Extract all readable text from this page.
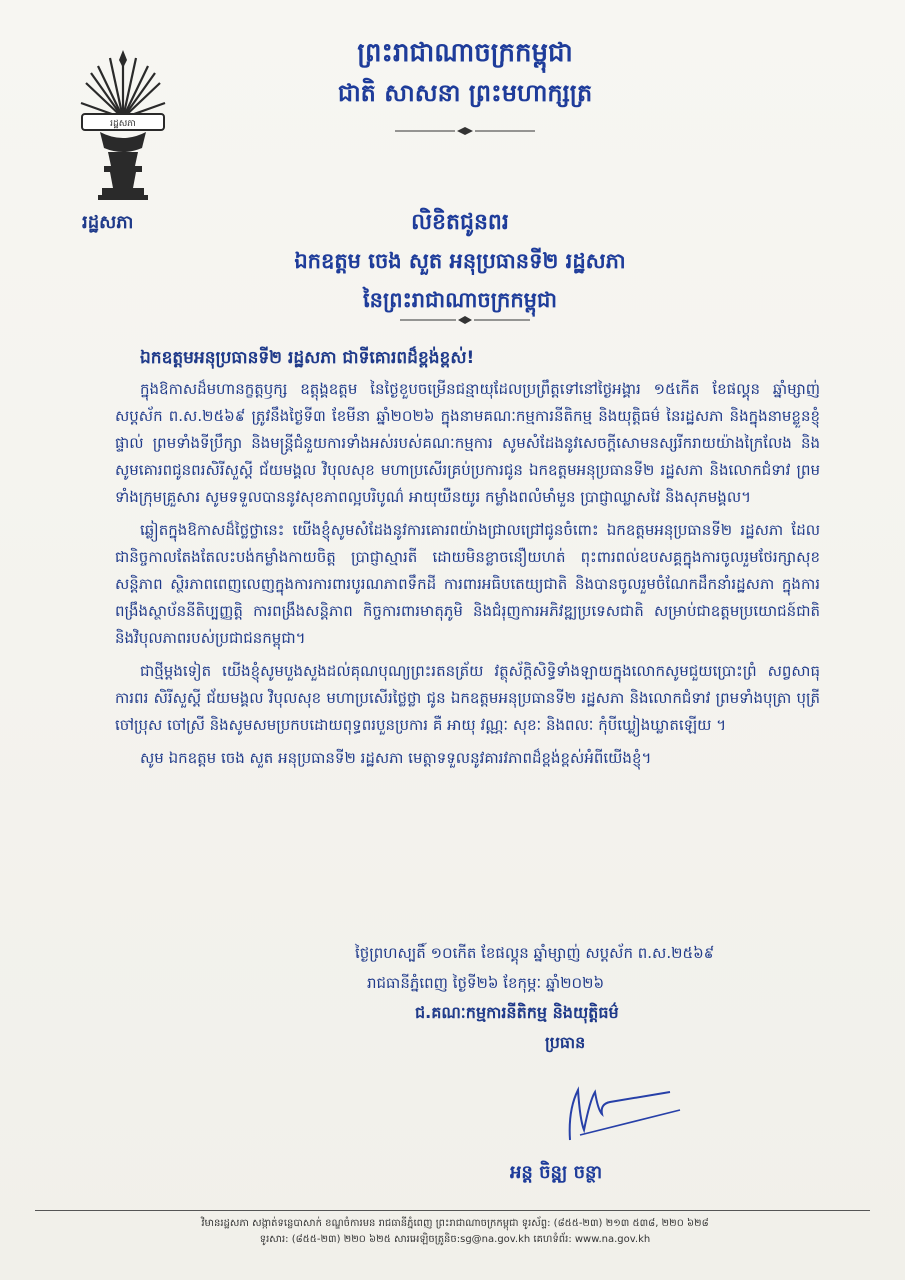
រដ្ឋសភា
រដ្ឋសភា
ព្រះរាជាណាចក្រកម្ពុជា
ជាតិ សាសនា ព្រះមហាក្សត្រ
លិខិតជូនពរ
ឯកឧត្តម ចេង សួត អនុប្រធានទី២ រដ្ឋសភា
នៃព្រះរាជាណាចក្រកម្ពុជា
ឯកឧត្តមអនុប្រធានទី២ រដ្ឋសភា ជាទីគោរពដ៏ខ្ពង់ខ្ពស់!

ក្នុងឱកាសដ៏មហានក្ខត្តឫក្ស ឧត្តុង្គឧត្តម នៃថ្ងៃខួបចម្រើនជន្មាយុដែលប្រព្រឹត្តទៅនៅថ្ងៃអង្គារ ១៥កើត ខែផល្គុន ឆ្នាំម្សាញ់ សប្តស័ក ព.ស.២៥៦៩ ត្រូវនឹងថ្ងៃទី៣ ខែមីនា ឆ្នាំ២០២៦ ក្នុងនាមគណៈកម្មការនីតិកម្ម និងយុត្តិធម៌ នៃរដ្ឋសភា និងក្នុងនាមខ្លួនខ្ញុំផ្ទាល់ ព្រមទាំងទីប្រឹក្សា និងមន្ត្រីជំនួយការទាំងអស់របស់គណៈកម្មការ សូមសំដែងនូវសេចក្តីសោមនស្សរីករាយយ៉ាងក្រៃលែង និងសូមគោរពជូនពរសិរីសួស្តី ជ័យមង្គល វិបុលសុខ មហាប្រសើរគ្រប់ប្រការជូន ឯកឧត្តមអនុប្រធានទី២ រដ្ឋសភា និងលោកជំទាវ ព្រមទាំងក្រុមគ្រួសារ សូមទទួលបាននូវសុខភាពល្អបរិបូណ៌ អាយុយឺនយូរ កម្លាំងពលំមាំមួន ប្រាជ្ញាឈ្លាសវៃ និងសុភមង្គល។

ឆ្លៀតក្នុងឱកាសដ៏ថ្លៃថ្លានេះ យើងខ្ញុំសូមសំដែងនូវការគោរពយ៉ាងជ្រាលជ្រៅជូនចំពោះ ឯកឧត្តមអនុប្រធានទី២ រដ្ឋសភា ដែលជានិច្ចកាលតែងតែលះបង់កម្លាំងកាយចិត្ត ប្រាជ្ញាស្មារតី ដោយមិនខ្លាចនឿយហត់ ពុះពារពល់ឧបសគ្គក្នុងការចូលរួមថែរក្សាសុខសន្តិភាព ស្ថិរភាពពេញលេញក្នុងការការពារបូរណភាពទឹកដី ការពារអធិបតេយ្យជាតិ និងបានចូលរួមចំណែកដឹកនាំរដ្ឋសភា ក្នុងការពង្រឹងស្ថាប័ននីតិប្បញ្ញត្តិ ការពង្រឹងសន្តិភាព កិច្ចការពារមាតុភូមិ និងជំរុញការអភិវឌ្ឍប្រទេសជាតិ សម្រាប់ជាឧត្តមប្រយោជន៍ជាតិ និងវិបុលភាពរបស់ប្រជាជនកម្ពុជា។

ជាថ្មីម្តងទៀត យើងខ្ញុំសូមបួងសួងដល់គុណបុណ្យព្រះរតនត្រ័យ វត្ថុស័ក្តិសិទ្ធិទាំងឡាយក្នុងលោកសូមជួយប្រោះព្រំ សព្វសាធុការពរ សិរីសួស្តី ជ័យមង្គល វិបុលសុខ មហាប្រសើរថ្លៃថ្លា ជូន ឯកឧត្តមអនុប្រធានទី២ រដ្ឋសភា និងលោកជំទាវ ព្រមទាំងបុត្រា បុត្រី ចៅប្រុស ចៅស្រី និងសូមសមប្រកបដោយពុទ្ធពរបួនប្រការ គឺ អាយុ វណ្ណៈ សុខៈ និងពលៈ កុំបីឃ្លៀងឃ្លាតឡើយ ។

សូម ឯកឧត្តម ចេង សួត អនុប្រធានទី២ រដ្ឋសភា មេត្តាទទួលនូវគារវភាពដ៏ខ្ពង់ខ្ពស់អំពីយើងខ្ញុំ។
ថ្ងៃព្រហស្បតិ៍ ១០កើត ខែផល្គុន ឆ្នាំម្សាញ់ សប្តស័ក ព.ស.២៥៦៩
រាជធានីភ្នំពេញ ថ្ងៃទី២៦ ខែកុម្ភៈ ឆ្នាំ២០២៦
ជ.គណៈកម្មការនីតិកម្ម និងយុត្តិធម៌
ប្រធាន
អន្ត ចិន្ត្យ ចន្ថា
វិមានរដ្ឋសភា សង្កាត់ទន្លេបាសាក់ ខណ្ឌចំការមន រាជធានីភ្នំពេញ ព្រះរាជាណាចក្រកម្ពុជា ទូរស័ព្ទ: (៨៥៥-២៣) ២១៣ ៥៣៨, ២២០ ៦២៨
ទូរសារ: (៨៥៥-២៣) ២២០ ៦២៥ សារអេឡិចត្រូនិច:sg@na.gov.kh គេហទំព័រ: www.na.gov.kh
